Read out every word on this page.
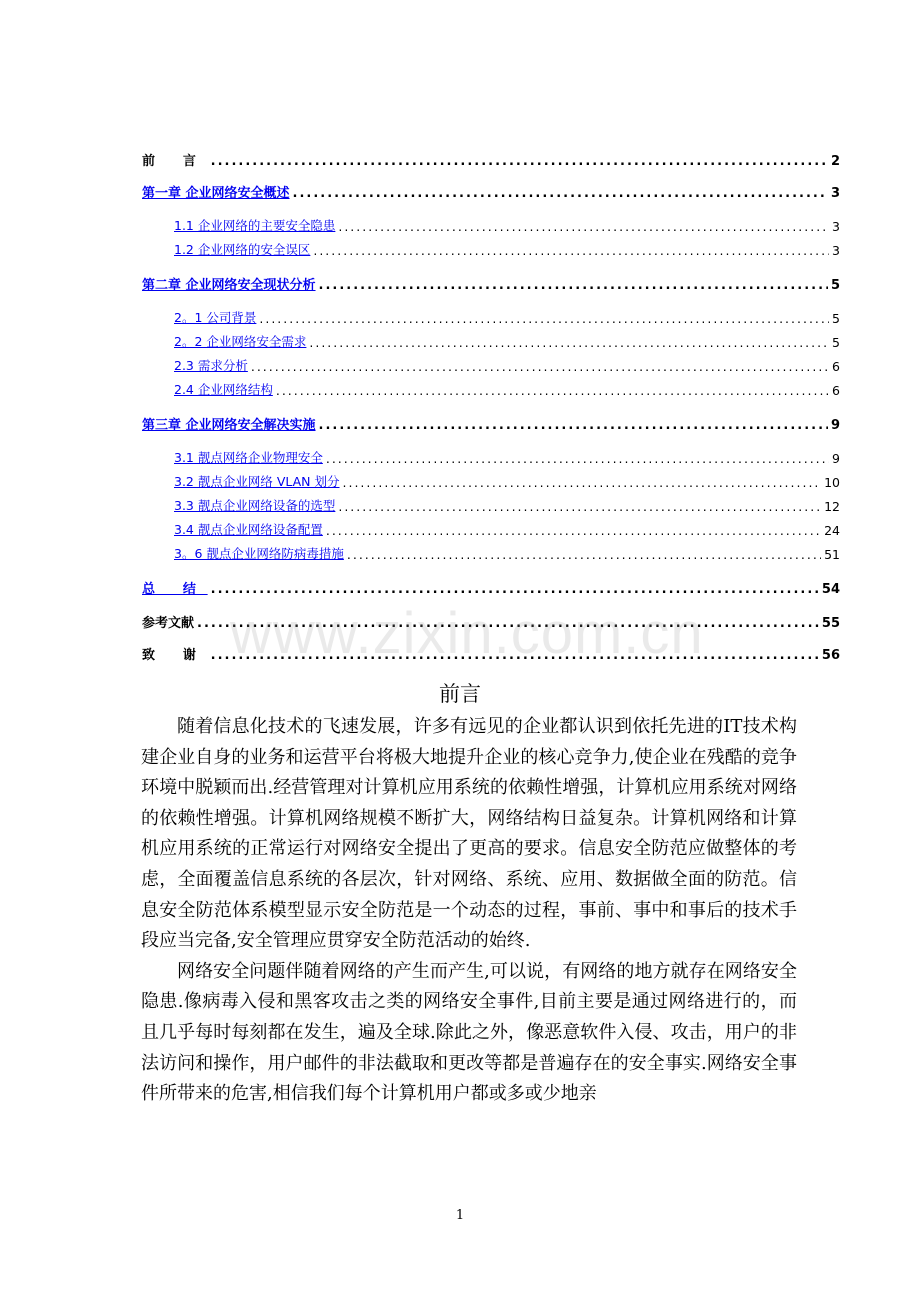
前 言 .....	2
第一章 企业网络安全概述 .....	3
1.1 企业网络的主要安全隐患 .....	3
1.2 企业网络的安全误区 .....	3
第二章 企业网络安全现状分析 .....	5
2。1 公司背景 .....	5
2。2 企业网络安全需求 .....	5
2.3 需求分析 .....	6
2.4 企业网络结构 .....	6
第三章 企业网络安全解决实施 .....	9
3.1 靓点网络企业物理安全 .....	9
3.2 靓点企业网络 VLAN 划分 .....	10
3.3 靓点企业网络设备的选型 .....	12
3.4 靓点企业网络设备配置 .....	24
3。6 靓点企业网络防病毒措施 .....	51
总 结 .....	54
参考文献 .....	55
致 谢 .....	56
www.zixin.com.cn
前言

随着信息化技术的飞速发展，许多有远见的企业都认识到依托先进的IT技术构建企业自身的业务和运营平台将极大地提升企业的核心竞争力,使企业在残酷的竞争环境中脱颖而出.经营管理对计算机应用系统的依赖性增强，计算机应用系统对网络的依赖性增强。计算机网络规模不断扩大，网络结构日益复杂。计算机网络和计算机应用系统的正常运行对网络安全提出了更高的要求。信息安全防范应做整体的考虑，全面覆盖信息系统的各层次，针对网络、系统、应用、数据做全面的防范。信息安全防范体系模型显示安全防范是一个动态的过程，事前、事中和事后的技术手段应当完备,安全管理应贯穿安全防范活动的始终.

网络安全问题伴随着网络的产生而产生,可以说，有网络的地方就存在网络安全隐患.像病毒入侵和黑客攻击之类的网络安全事件,目前主要是通过网络进行的，而且几乎每时每刻都在发生，遍及全球.除此之外，像恶意软件入侵、攻击，用户的非法访问和操作，用户邮件的非法截取和更改等都是普遍存在的安全事实.网络安全事件所带来的危害,相信我们每个计算机用户都或多或少地亲

1
